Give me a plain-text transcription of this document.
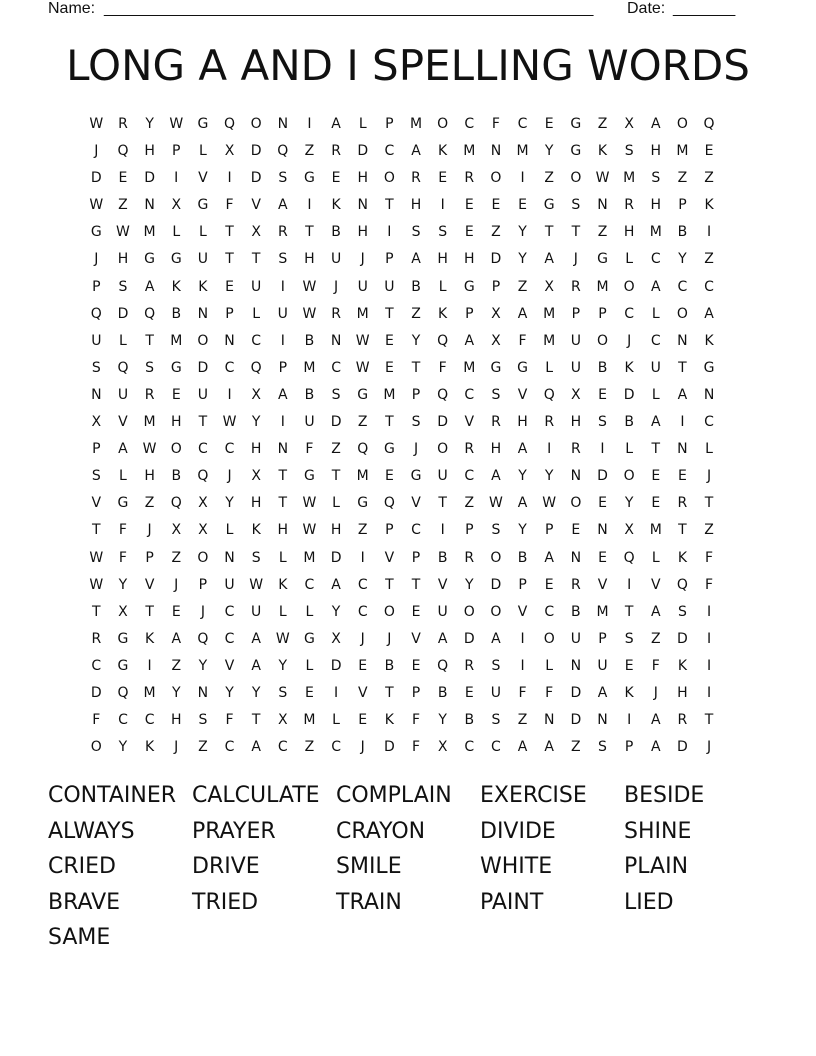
Name: _______________________________________________________ Date: _______
LONG A AND I SPELLING WORDS
W	R	Y	W	G	Q	O	N	I	A	L	P	M	O	C	F	C	E	G	Z	X	A	O	Q
J	Q	H	P	L	X	D	Q	Z	R	D	C	A	K	M	N	M	Y	G	K	S	H	M	E
D	E	D	I	V	I	D	S	G	E	H	O	R	E	R	O	I	Z	O	W M	S	Z	Z
W	Z	N	X	G	F	V	A	I	K	N	T	H	I	E	E	E	G	S	N	R	H	P	K
G	W M	L	L	T	X	R	T	B	H	I	S	S	E	Z	Y	T	T	Z	H	M	B	I
J	H	G	G	U	T	T	S	H	U	J	P	A	H	H	D	Y	A	J	G	L	C	Y	Z
P	S	A	K	K	E	U	I	W	J	U	U	B	L	G	P	Z	X	R	M	O	A	C	C
Q	D	Q	B	N	P	L	U	W	R	M	T	Z	K	P	X	A	M	P	P	C	L	O	A
U	L	T	M	O	N	C	I	B	N	W	E	Y	Q	A	X	F	M	U	O	J	C	N	K
S	Q	S	G	D	C	Q	P	M	C	W	E	T	F	M	G	G	L	U	B	K	U	T	G
N	U	R	E	U	I	X	A	B	S	G	M	P	Q	C	S	V	Q	X	E	D	L	A	N
X	V	M	H	T	W	Y	I	U	D	Z	T	S	D	V	R	H	R	H	S	B	A	I	C
P	A	W	O	C	C	H	N	F	Z	Q	G	J	O	R	H	A	I	R	I	L	T	N	L
S	L	H	B	Q	J	X	T	G	T	M	E	G	U	C	A	Y	Y	N	D	O	E	E	J
V	G	Z	Q	X	Y	H	T	W	L	G	Q	V	T	Z	W	A	W	O	E	Y	E	R	T
T	F	J	X	X	L	K	H	W	H	Z	P	C	I	P	S	Y	P	E	N	X	M	T	Z
W	F	P	Z	O	N	S	L	M	D	I	V	P	B	R	O	B	A	N	E	Q	L	K	F
W	Y	V	J	P	U	W	K	C	A	C	T	T	V	Y	D	P	E	R	V	I	V	Q	F
T	X	T	E	J	C	U	L	L	Y	C	O	E	U	O	O	V	C	B	M	T	A	S	I
R	G	K	A	Q	C	A	W	G	X	J	J	V	A	D	A	I	O	U	P	S	Z	D	I
C	G	I	Z	Y	V	A	Y	L	D	E	B	E	Q	R	S	I	L	N	U	E	F	K	I
D	Q	M	Y	N	Y	Y	S	E	I	V	T	P	B	E	U	F	F	D	A	K	J	H	I
F	C	C	H	S	F	T	X	M	L	E	K	F	Y	B	S	Z	N	D	N	I	A	R	T
O	Y	K	J	Z	C	A	C	Z	C	J	D	F	X	C	C	A	A	Z	S	P	A	D	J
CONTAINER CALCULATE COMPLAIN	EXERCISE	BESIDE
ALWAYS	PRAYER	CRAYON	DIVIDE	SHINE
CRIED	DRIVE	SMILE	WHITE	PLAIN
BRAVE	TRIED	TRAIN	PAINT	LIED
SAME
